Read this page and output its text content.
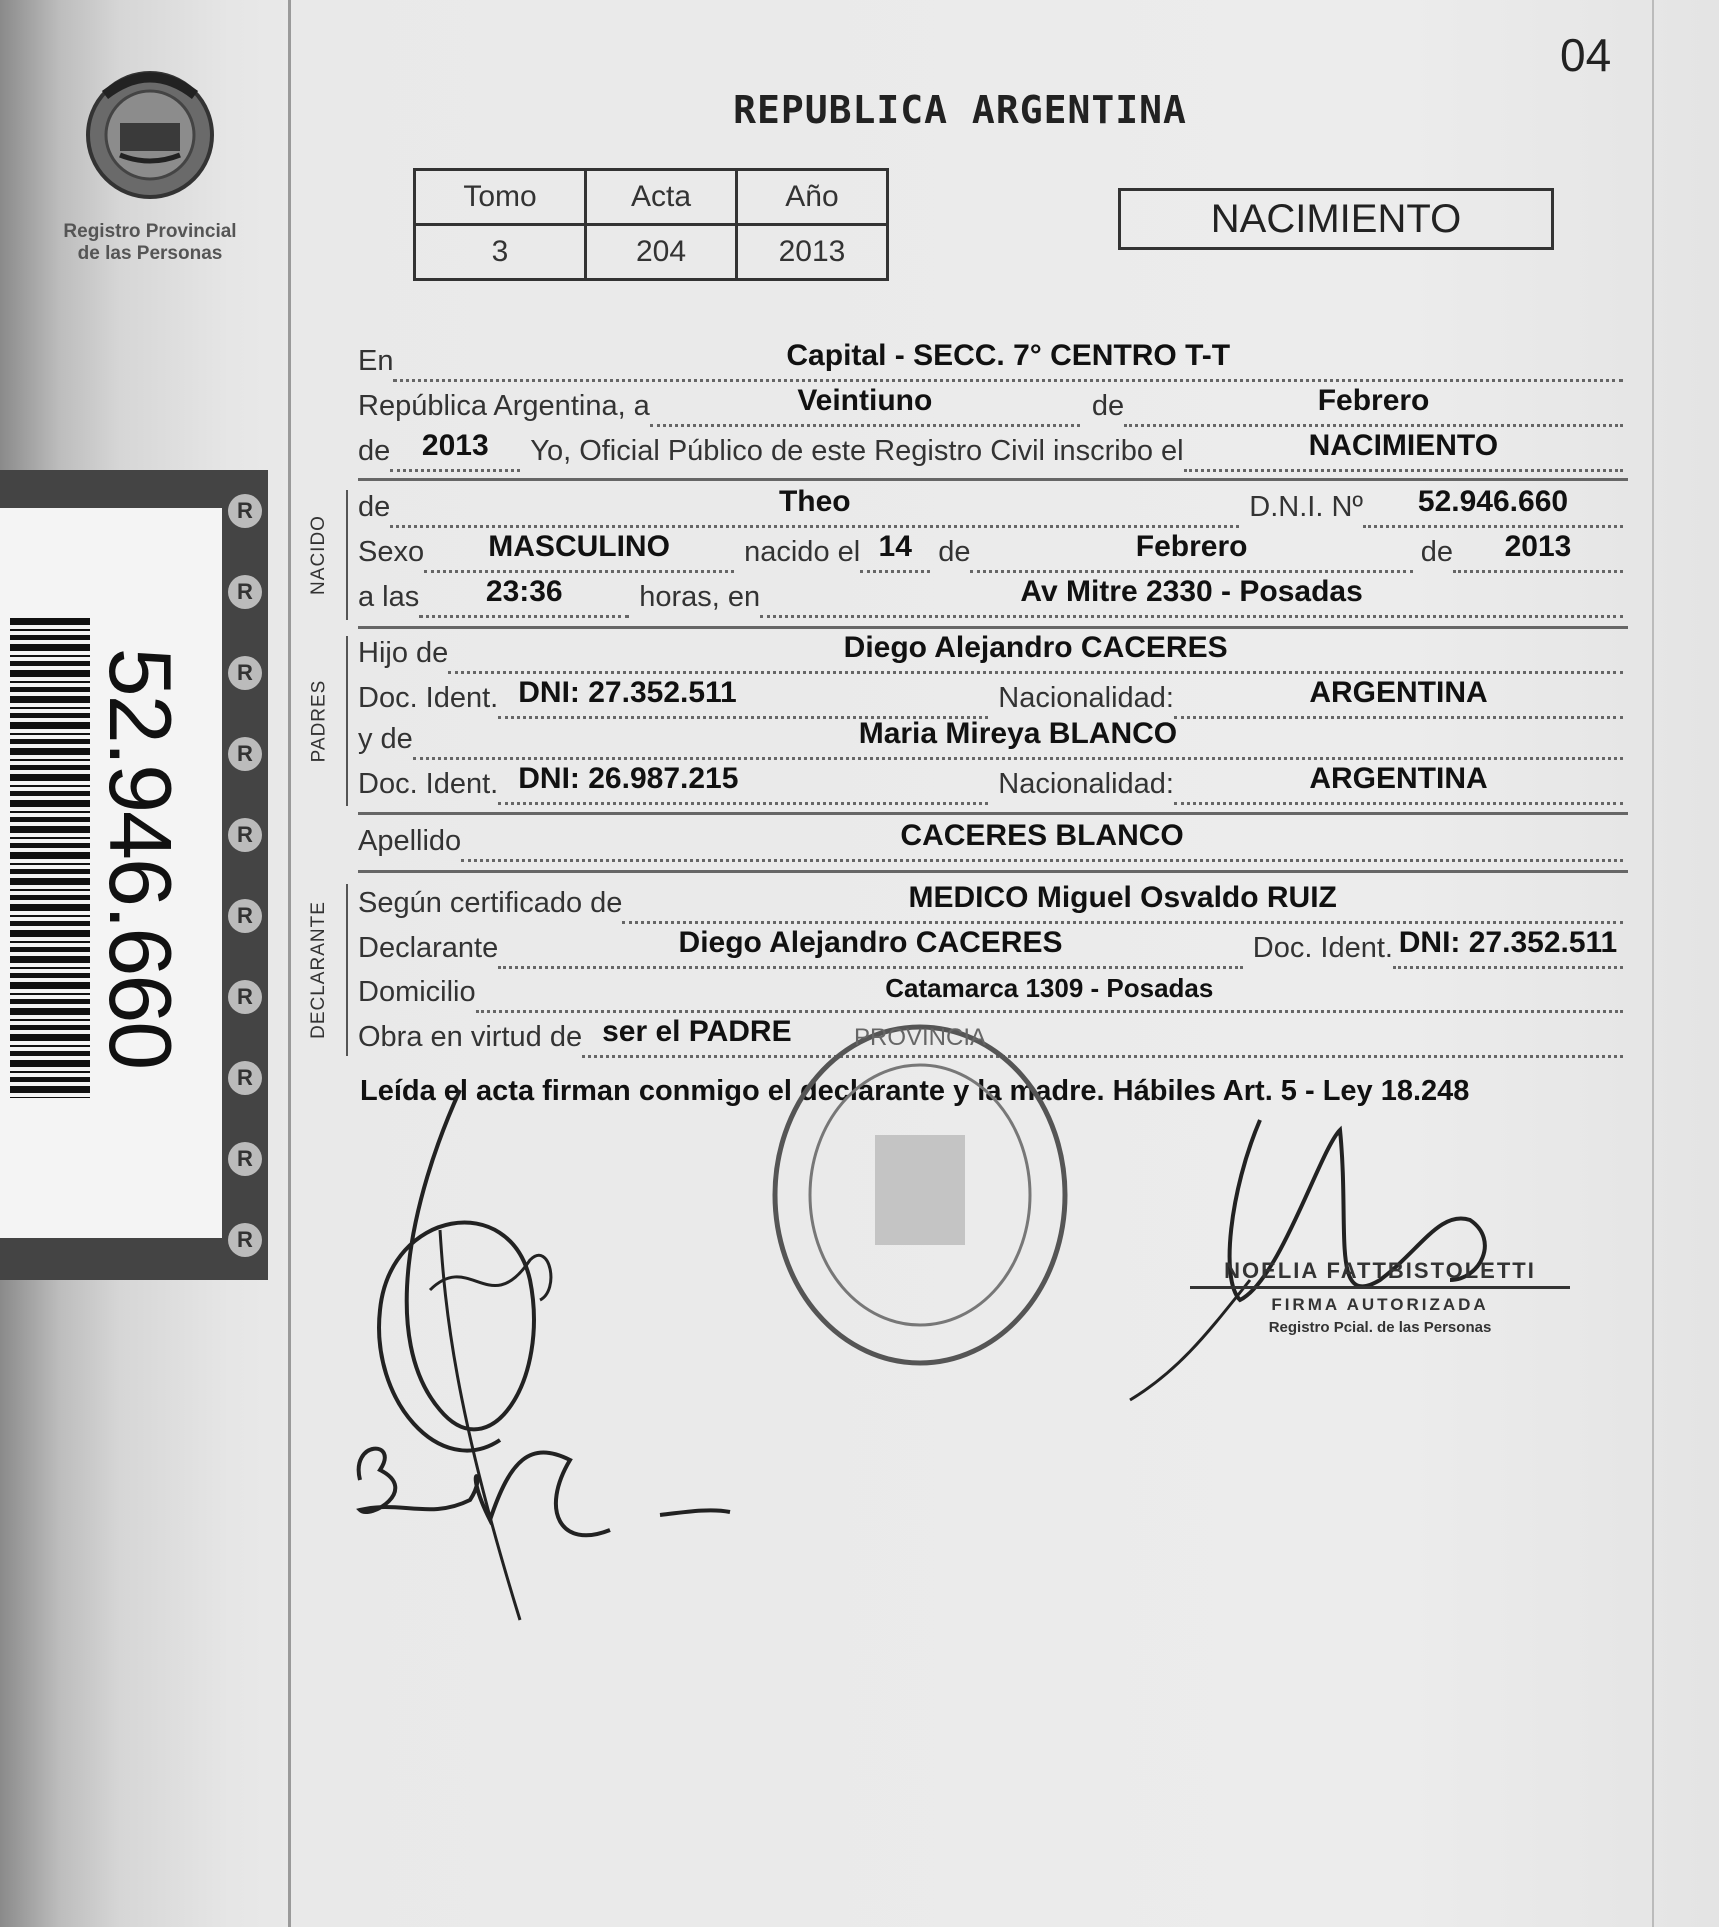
Registro Provincial
de las Personas
52.946.660
R
R
R
R
R
R
R
R
R
R
04
REPUBLICA ARGENTINA
Tomo	Acta	Año
3	204	2013
NACIMIENTO
En	Capital - SECC. 7° CENTRO T-T
República Argentina, a	Veintiuno	de	Febrero
de 2013	Yo, Oficial Público de este Registro Civil inscribo el	NACIMIENTO
de	Theo	D.N.I. Nº 52.946.660
Sexo MASCULINO	nacido el 14 de	Febrero	de 2013
a las 23:36	horas, en	Av Mitre 2330 - Posadas
Hijo de	Diego Alejandro CACERES
Doc. Ident. DNI: 27.352.511	Nacionalidad:	ARGENTINA
y de	Maria Mireya BLANCO
Doc. Ident. DNI: 26.987.215	Nacionalidad:	ARGENTINA
Apellido	CACERES BLANCO
Según certificado de	MEDICO Miguel Osvaldo RUIZ
Declarante	Diego Alejandro CACERES	Doc. Ident. DNI: 27.352.511
Domicilio	Catamarca 1309 - Posadas
Obra en virtud de ser el PADRE
NACIDO
PADRES
DECLARANTE
Leída el acta firman conmigo el declarante y la madre. Hábiles Art. 5 - Ley 18.248
PROVINCIA
NOELIA FATTBISTOLETTI
FIRMA AUTORIZADA
Registro Pcial. de las Personas
